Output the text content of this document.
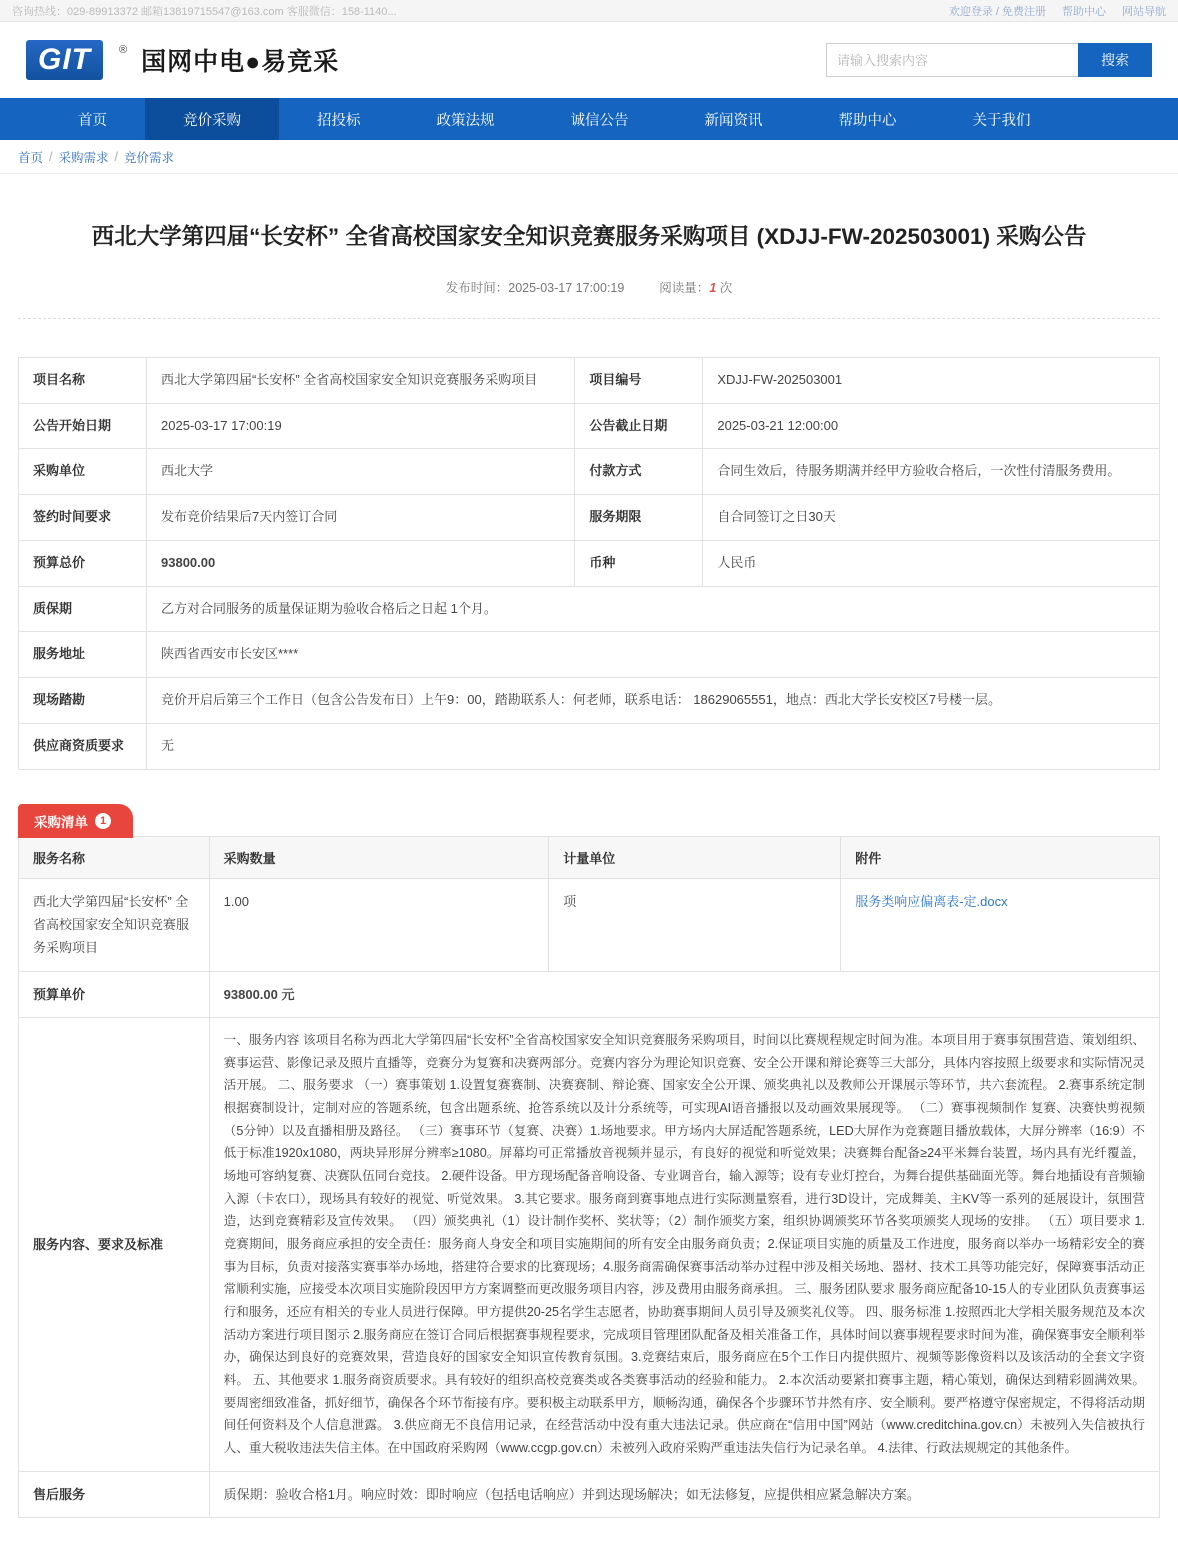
咨询热线：029-89913372 邮箱13819715547@163.com 客服微信：158-1140...	欢迎登录 / 免费注册 帮助中心 网站导航
GIT	® 国网中电●易竞采
请输入搜索内容	搜索
首页	竞价采购	招投标	政策法规	诚信公告	新闻资讯	帮助中心	关于我们
首页 / 采购需求 / 竞价需求
西北大学第四届“长安杯” 全省高校国家安全知识竞赛服务采购项目 (XDJJ-FW-202503001) 采购公告
发布时间：2025-03-17 17:00:19	阅读量：1 次
项目名称	西北大学第四届“长安杯” 全省高校国家安全知识竞赛服务采购项目	项目编号	XDJJ-FW-202503001
公告开始日期	2025-03-17 17:00:19	公告截止日期	2025-03-21 12:00:00
采购单位	西北大学	付款方式	合同生效后，待服务期满并经甲方验收合格后，一次性付清服务费用。
签约时间要求	发布竞价结果后7天内签订合同	服务期限	自合同签订之日30天
预算总价	93800.00	币种	人民币
质保期	乙方对合同服务的质量保证期为验收合格后之日起 1个月。		
服务地址	陕西省西安市长安区****		
现场踏勘	竞价开启后第三个工作日（包含公告发布日）上午9：00，踏勘联系人：何老师，联系电话： 18629065551，地点：西北大学长安校区7号楼一层。		
供应商资质要求	无		
采购清单	1
服务名称	采购数量	计量单位	附件
西北大学第四届“长安杯” 全省高校国家安全知识竞赛服务采购项目	1.00	项	服务类响应偏离表-定.docx
预算单价	93800.00 元		
服务内容、要求及标准	一、服务内容 该项目名称为西北大学第四届“长安杯”全省高校国家安全知识竞赛服务采购项目，时间以比赛规程规定时间为准。本项目用于赛事氛围营造、策划组织、赛事运营、影像记录及照片直播等，竞赛分为复赛和决赛两部分。竞赛内容分为理论知识竞赛、安全公开课和辩论赛等三大部分，具体内容按照上级要求和实际情况灵活开展。 二、服务要求 （一）赛事策划 1.设置复赛赛制、决赛赛制、辩论赛、国家安全公开课、颁奖典礼以及教师公开课展示等环节，共六套流程。 2.赛事系统定制 根据赛制设计，定制对应的答题系统，包含出题系统、抢答系统以及计分系统等，可实现AI语音播报以及动画效果展现等。 （二）赛事视频制作 复赛、决赛快剪视频（5分钟）以及直播相册及路径。 （三）赛事环节（复赛、决赛）1.场地要求。甲方场内大屏适配答题系统，LED大屏作为竞赛题目播放载体，大屏分辨率（16:9）不低于标准1920x1080，两块异形屏分辨率≥1080。屏幕均可正常播放音视频并显示，有良好的视觉和听觉效果；决赛舞台配备≥24平米舞台装置，场内具有光纤覆盖，场地可容纳复赛、决赛队伍同台竞技。 2.硬件设备。甲方现场配备音响设备、专业调音台，输入源等；设有专业灯控台，为舞台提供基础面光等。舞台地插设有音频输入源（卡农口），现场具有较好的视觉、听觉效果。 3.其它要求。服务商到赛事地点进行实际测量察看，进行3D设计，完成舞美、主KV等一系列的延展设计，氛围营造，达到竞赛精彩及宣传效果。 （四）颁奖典礼（1）设计制作奖杯、奖状等；（2）制作颁奖方案，组织协调颁奖环节各奖项颁奖人现场的安排。 （五）项目要求 1.竞赛期间，服务商应承担的安全责任：服务商人身安全和项目实施期间的所有安全由服务商负责；2.保证项目实施的质量及工作进度，服务商以举办一场精彩安全的赛事为目标，负责对接落实赛事举办场地，搭建符合要求的比赛现场；4.服务商需确保赛事活动举办过程中涉及相关场地、器材、技术工具等功能完好，保障赛事活动正常顺利实施，应接受本次项目实施阶段因甲方方案调整而更改服务项目内容，涉及费用由服务商承担。 三、服务团队要求 服务商应配备10-15人的专业团队负责赛事运行和服务，还应有相关的专业人员进行保障。甲方提供20-25名学生志愿者，协助赛事期间人员引导及颁奖礼仪等。 四、服务标准 1.按照西北大学相关服务规范及本次活动方案进行项目图示 2.服务商应在签订合同后根据赛事规程要求，完成项目管理团队配备及相关准备工作，具体时间以赛事规程要求时间为准，确保赛事安全顺利举办，确保达到良好的竞赛效果，营造良好的国家安全知识宣传教育氛围。3.竞赛结束后，服务商应在5个工作日内提供照片、视频等影像资料以及该活动的全套文字资料。 五、其他要求 1.服务商资质要求。具有较好的组织高校竞赛类或各类赛事活动的经验和能力。 2.本次活动要紧扣赛事主题，精心策划，确保达到精彩圆满效果。要周密细致准备，抓好细节，确保各个环节衔接有序。要积极主动联系甲方，顺畅沟通，确保各个步骤环节井然有序、安全顺利。要严格遵守保密规定，不得将活动期间任何资料及个人信息泄露。 3.供应商无不良信用记录，在经营活动中没有重大违法记录。供应商在“信用中国”网站（www.creditchina.gov.cn）未被列入失信被执行人、重大税收违法失信主体。在中国政府采购网（www.ccgp.gov.cn）未被列入政府采购严重违法失信行为记录名单。 4.法律、行政法规规定的其他条件。		
售后服务	质保期：验收合格1月。响应时效：即时响应（包括电话响应）并到达现场解决；如无法修复，应提供相应紧急解决方案。		
